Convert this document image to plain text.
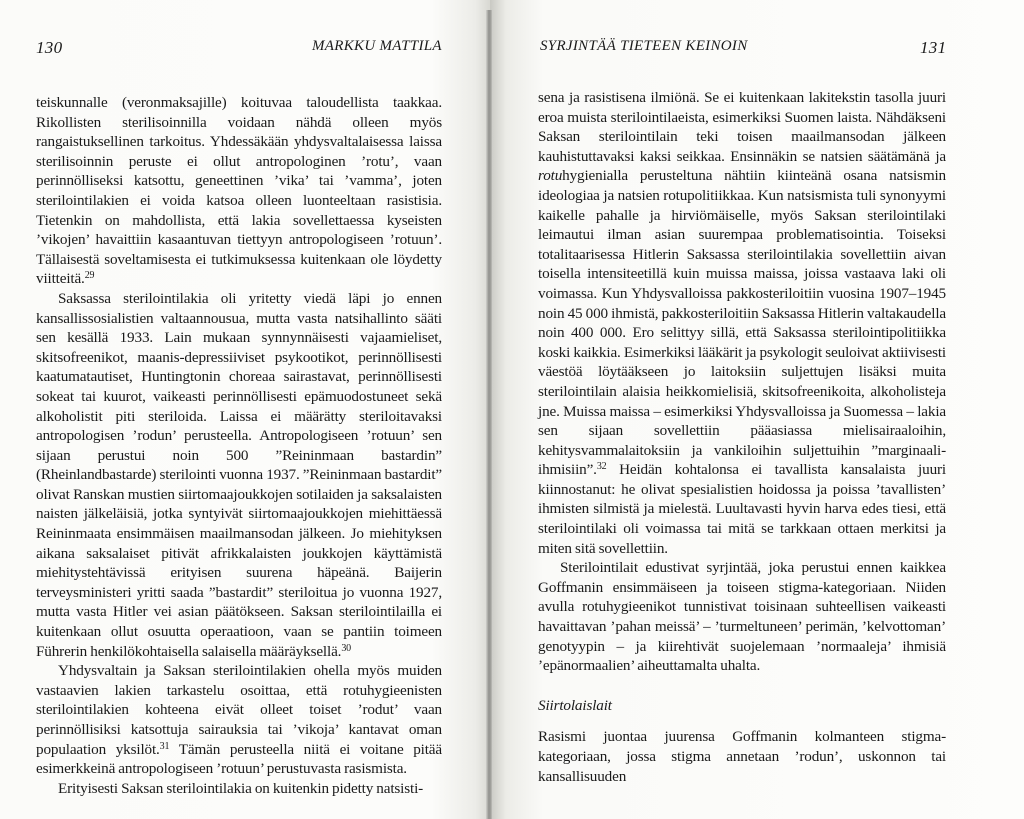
130	MARKKU MATTILA

teiskunnalle (veronmaksajille) koituvaa taloudellista taakkaa. Rikollisten sterilisoinnilla voidaan nähdä olleen myös rangaistuksellinen tarkoitus. Yhdessäkään yhdysvaltalaisessa laissa sterilisoinnin peruste ei ollut antropologinen ’rotu’, vaan perinnölliseksi katsottu, geneettinen ’vika’ tai ’vamma’, joten sterilointilakien ei voida katsoa olleen luonteeltaan rasistisia. Tietenkin on mahdollista, että lakia sovellettaessa kyseisten ’vikojen’ havaittiin kasaantuvan tiettyyn antropologiseen ’rotuun’. Tällaisestä soveltamisesta ei tutkimuksessa kuitenkaan ole löydetty viitteitä.$^{29}$

Saksassa sterilointilakia oli yritetty viedä läpi jo ennen kansallissosialistien valtaannousua, mutta vasta natsihallinto sääti sen kesällä 1933. Lain mukaan synnynnäisesti vajaamieliset, skitsofreenikot, maanis-depressiiviset psykootikot, perinnöllisesti kaatumatautiset, Huntingtonin choreaa sairastavat, perinnöllisesti sokeat tai kuurot, vaikeasti perinnöllisesti epämuodostuneet sekä alkoholistit piti steriloida. Laissa ei määrätty steriloitavaksi antropologisen ’rodun’ perusteella. Antropologiseen ’rotuun’ sen sijaan perustui noin 500 ”Reininmaan bastardin” (Rheinlandbastarde) sterilointi vuonna 1937. ”Reininmaan bastardit” olivat Ranskan mustien siirtomaajoukkojen sotilaiden ja saksalaisten naisten jälkeläisiä, jotka syntyivät siirtomaajoukkojen miehittäessä Reininmaata ensimmäisen maailmansodan jälkeen. Jo miehityksen aikana saksalaiset pitivät afrikkalaisten joukkojen käyttämistä miehitystehtävissä erityisen suurena häpeänä. Baijerin terveysministeri yritti saada ”bastardit” steriloitua jo vuonna 1927, mutta vasta Hitler vei asian päätökseen. Saksan sterilointilailla ei kuitenkaan ollut osuutta operaatioon, vaan se pantiin toimeen Führerin henkilökohtaisella salaisella määräyksellä.$^{30}$

Yhdysvaltain ja Saksan sterilointilakien ohella myös muiden vastaavien lakien tarkastelu osoittaa, että rotuhygieenisten sterilointilakien kohteena eivät olleet toiset ’rodut’ vaan perinnöllisiksi katsottuja sairauksia tai ’vikoja’ kantavat oman populaation yksilöt.$^{31}$ Tämän perusteella niitä ei voitane pitää esimerkkeinä antropologiseen ’rotuun’ perustuvasta rasismista.

Erityisesti Saksan sterilointilakia on kuitenkin pidetty natsisti-

SYRJINTÄÄ TIETEEN KEINOIN	131

sena ja rasistisena ilmiönä. Se ei kuitenkaan lakitekstin tasolla juuri eroa muista sterilointilaeista, esimerkiksi Suomen laista. Nähdäkseni Saksan sterilointilain teki toisen maailmansodan jälkeen kauhistuttavaksi kaksi seikkaa. Ensinnäkin se natsien säätämänä ja rotuhygienialla perusteltuna nähtiin kiinteänä osana natsismin ideologiaa ja natsien rotupolitiikkaa. Kun natsismista tuli synonyymi kaikelle pahalle ja hirviömäiselle, myös Saksan sterilointilaki leimautui ilman asian suurempaa problematisointia. Toiseksi totalitaarisessa Hitlerin Saksassa sterilointilakia sovellettiin aivan toisella intensiteetillä kuin muissa maissa, joissa vastaava laki oli voimassa. Kun Yhdysvalloissa pakkosteriloitiin vuosina 1907–1945 noin 45 000 ihmistä, pakkosteriloitiin Saksassa Hitlerin valtakaudella noin 400 000. Ero selittyy sillä, että Saksassa sterilointipolitiikka koski kaikkia. Esimerkiksi lääkärit ja psykologit seuloivat aktiivisesti väestöä löytääkseen jo laitoksiin suljettujen lisäksi muita sterilointilain alaisia heikkomielisiä, skitsofreenikoita, alkoholisteja jne. Muissa maissa – esimerkiksi Yhdysvalloissa ja Suomessa – lakia sen sijaan sovellettiin pääasiassa mielisairaaloihin, kehitysvammalaitoksiin ja vankiloihin suljettuihin ”marginaali-ihmisiin”.$^{32}$ Heidän kohtalonsa ei tavallista kansalaista juuri kiinnostanut: he olivat spesialistien hoidossa ja poissa ’tavallisten’ ihmisten silmistä ja mielestä. Luultavasti hyvin harva edes tiesi, että sterilointilaki oli voimassa tai mitä se tarkkaan ottaen merkitsi ja miten sitä sovellettiin.

Sterilointilait edustivat syrjintää, joka perustui ennen kaikkea Goffmanin ensimmäiseen ja toiseen stigma-kategoriaan. Niiden avulla rotuhygieenikot tunnistivat toisinaan suhteellisen vaikeasti havaittavan ’pahan meissä’ – ’turmeltuneen’ perimän, ’kelvottoman’ genotyypin – ja kiirehtivät suojelemaan ’normaaleja’ ihmisiä ’epänormaalien’ aiheuttamalta uhalta.

Siirtolaislait

Rasismi juontaa juurensa Goffmanin kolmanteen stigma-kategoriaan, jossa stigma annetaan ’rodun’, uskonnon tai kansallisuuden
